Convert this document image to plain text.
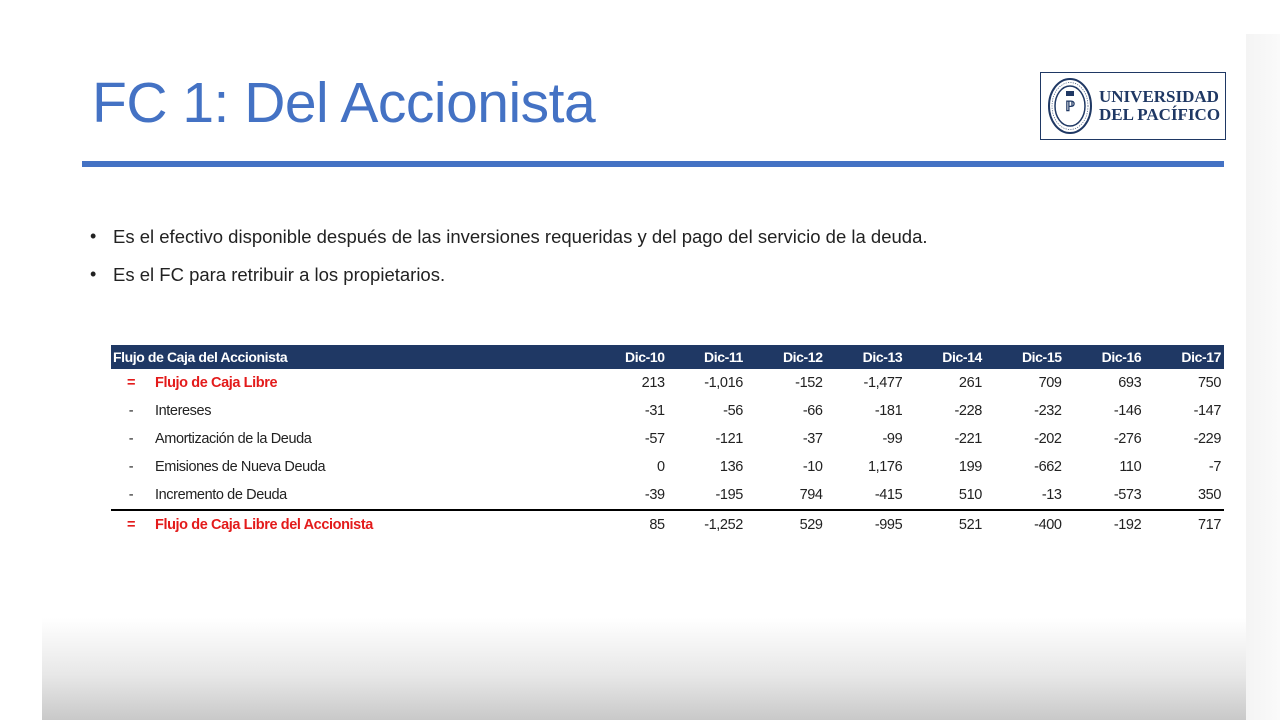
FC 1: Del Accionista	ℙ
UNIVERSIDAD
DEL PACÍFICO
• Es el efectivo disponible después de las inversiones requeridas y del pago del servicio de la deuda.
• Es el FC para retribuir a los propietarios.
Flujo de Caja del Accionista		Dic-10	Dic-11	Dic-12	Dic-13	Dic-14	Dic-15	Dic-16	Dic-17
=	Flujo de Caja Libre	213	-1,016	-152	-1,477	261	709	693	750
-	Intereses	-31	-56	-66	-181	-228	-232	-146	-147
-	Amortización de la Deuda	-57	-121	-37	-99	-221	-202	-276	-229
-	Emisiones de Nueva Deuda	0	136	-10	1,176	199	-662	110	-7
-	Incremento de Deuda	-39	-195	794	-415	510	-13	-573	350
=	Flujo de Caja Libre del Accionista	85	-1,252	529	-995	521	-400	-192	717
